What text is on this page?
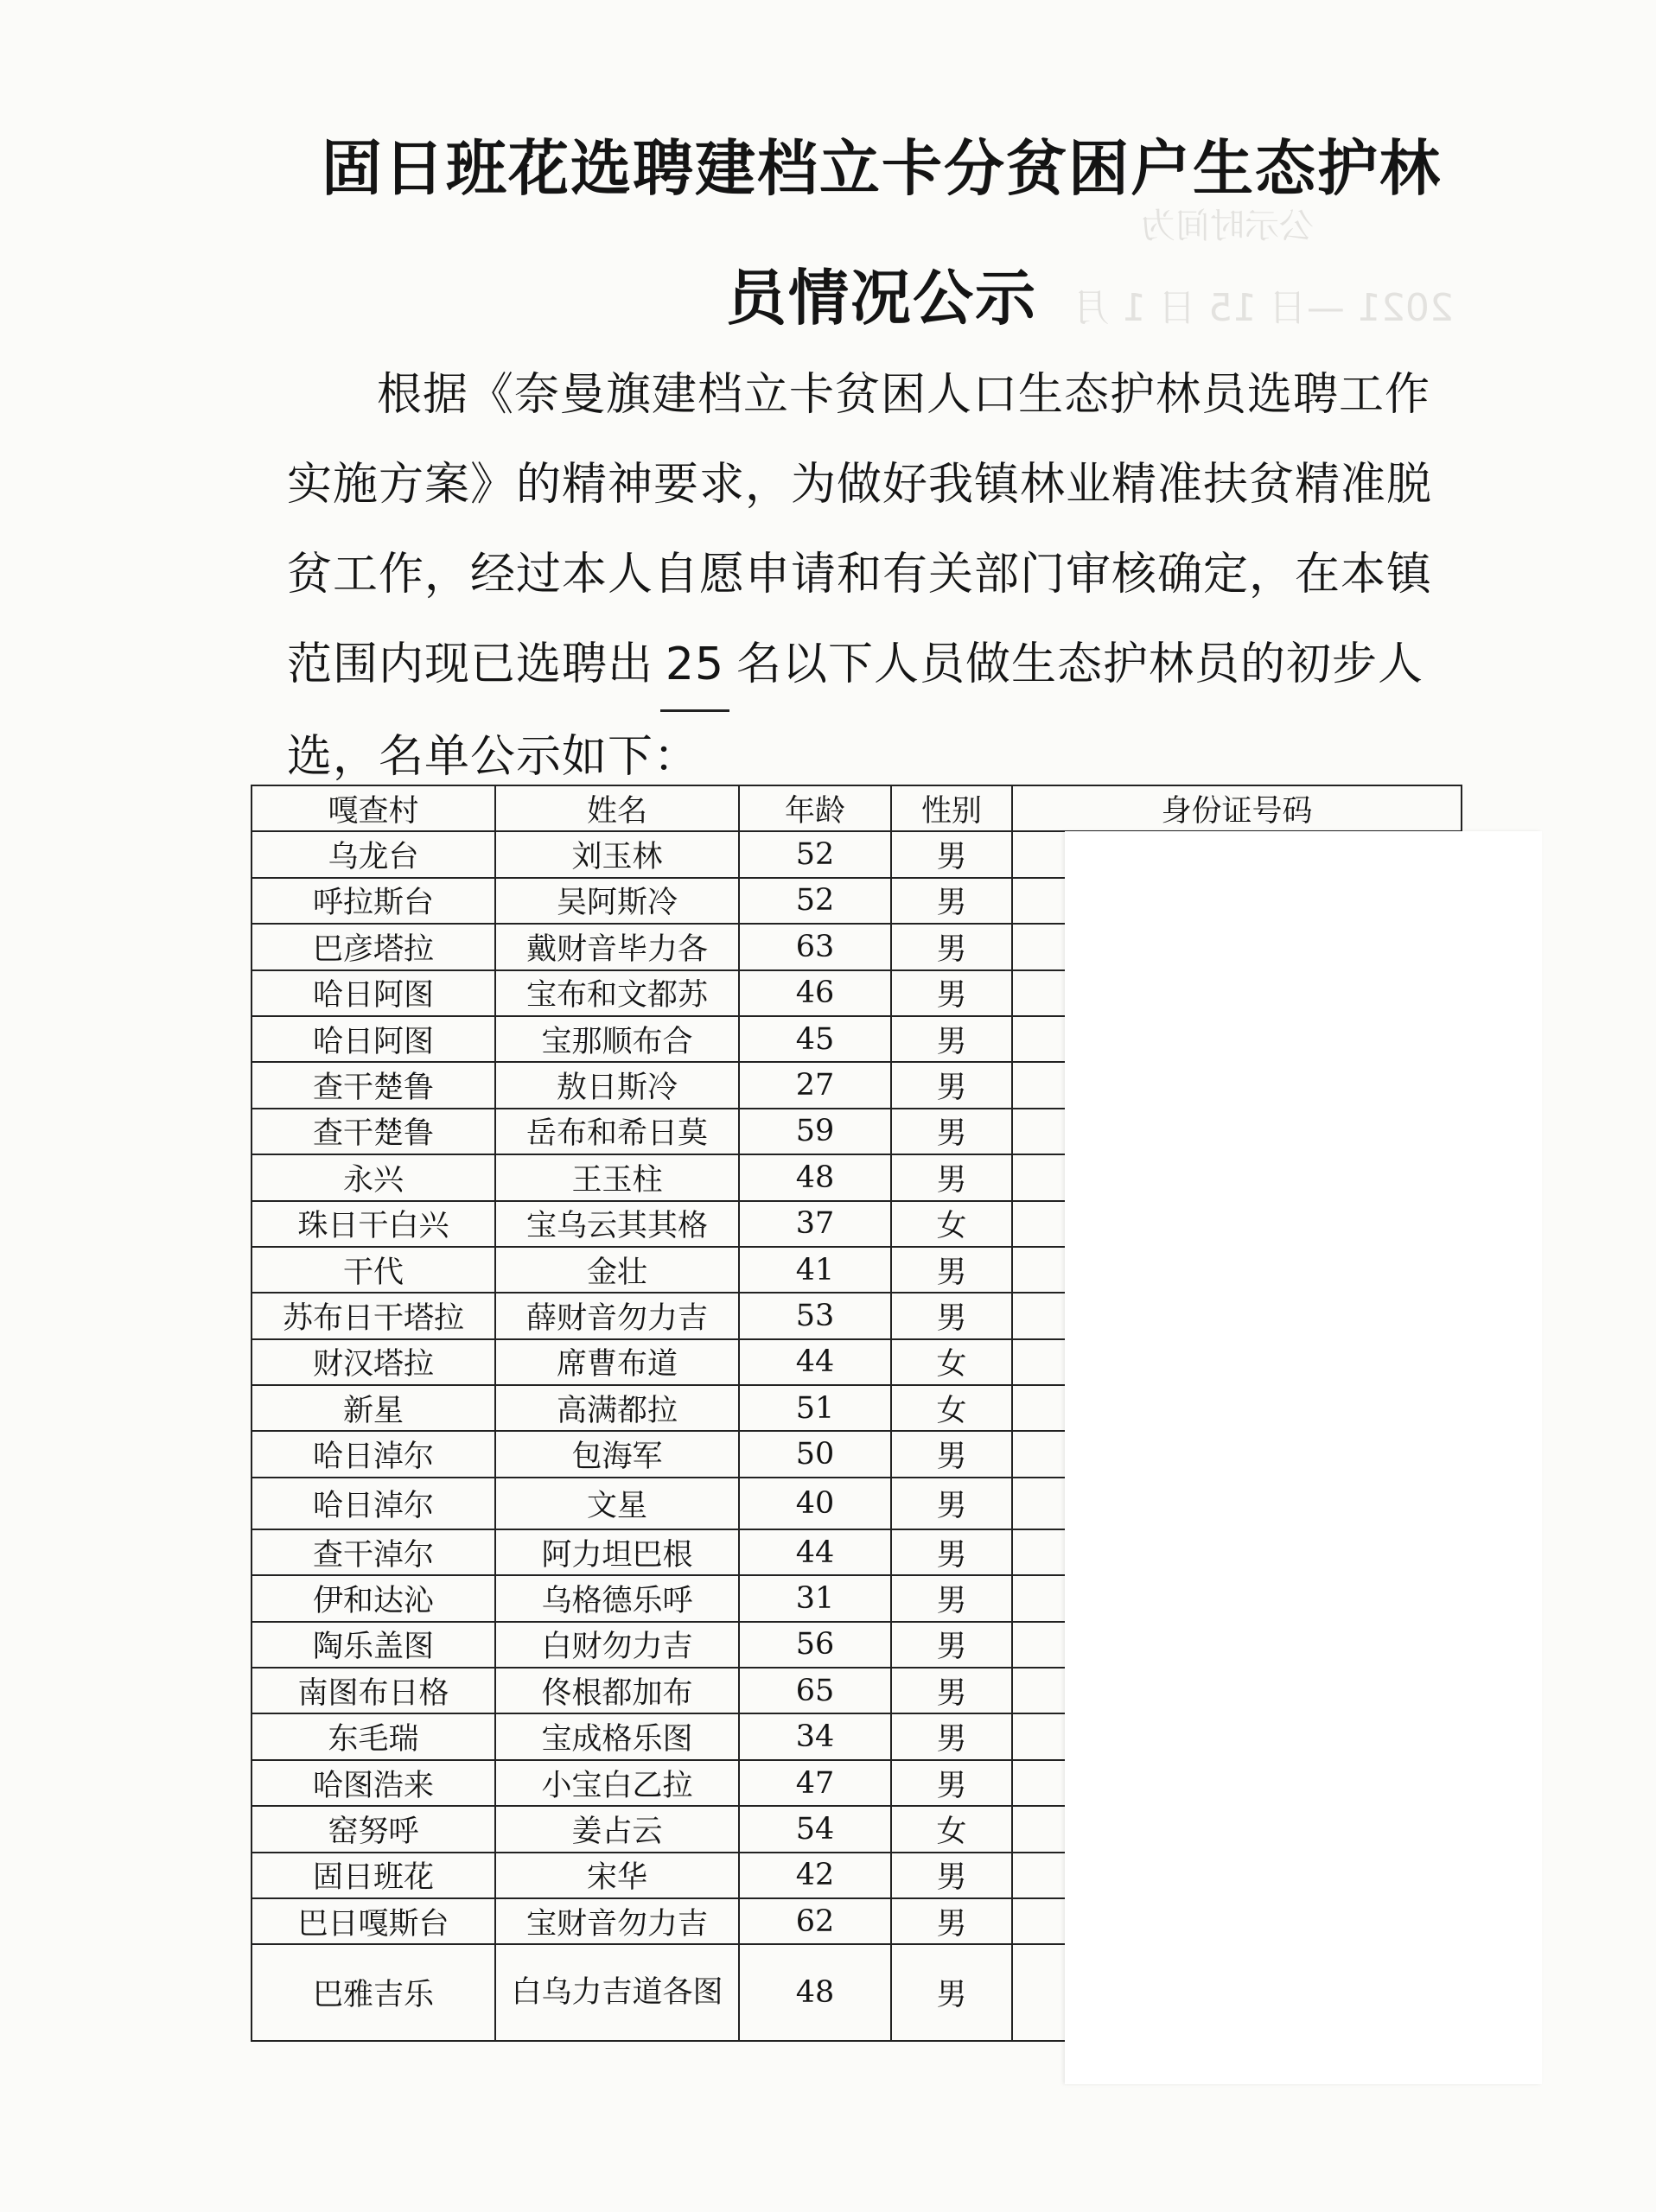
2021 —日 15 日 1 月
公示时间为
固日班花选聘建档立卡分贫困户生态护林
员情况公示
根据《奈曼旗建档立卡贫困人口生态护林员选聘工作实施方案》的精神要求，为做好我镇林业精准扶贫精准脱贫工作，经过本人自愿申请和有关部门审核确定，在本镇范围内现已选聘出 25 名以下人员做生态护林员的初步人选，名单公示如下：
嘎查村	姓名	年龄	性别	身份证号码
乌龙台	刘玉林	52	男	
呼拉斯台	吴阿斯冷	52	男	
巴彦塔拉	戴财音毕力各	63	男	
哈日阿图	宝布和文都苏	46	男	
哈日阿图	宝那顺布合	45	男	
查干楚鲁	敖日斯冷	27	男	
查干楚鲁	岳布和希日莫	59	男	
永兴	王玉柱	48	男	
珠日干白兴	宝乌云其其格	37	女	
干代	金壮	41	男	
苏布日干塔拉	薛财音勿力吉	53	男	
财汉塔拉	席曹布道	44	女	
新星	高满都拉	51	女	
哈日淖尔	包海军	50	男	
哈日淖尔	文星	40	男	
查干淖尔	阿力坦巴根	44	男	
伊和达沁	乌格德乐呼	31	男	
陶乐盖图	白财勿力吉	56	男	
南图布日格	佟根都加布	65	男	
东毛瑞	宝成格乐图	34	男	
哈图浩来	小宝白乙拉	47	男	
窑努呼	姜占云	54	女	
固日班花	宋华	42	男	
巴日嘎斯台	宝财音勿力吉	62	男	
巴雅吉乐	白乌力吉道各图	48	男	
